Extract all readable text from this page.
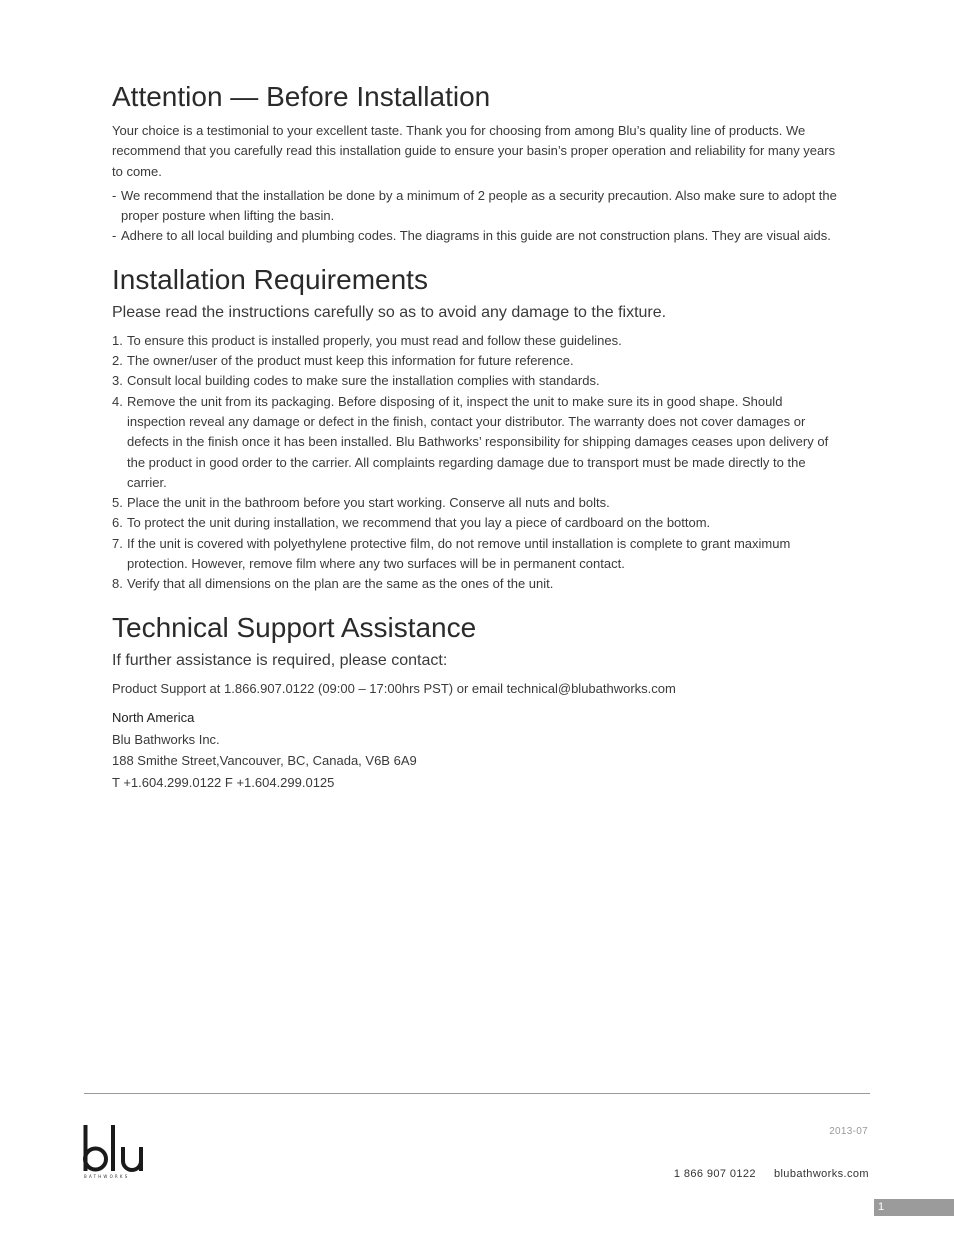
Attention — Before Installation

Your choice is a testimonial to your excellent taste. Thank you for choosing from among Blu’s quality line of products. We recommend that you carefully read this installation guide to ensure your basin’s proper operation and reliability for many years to come.

- We recommend that the installation be done by a minimum of 2 people as a security precaution. Also make sure to adopt the proper posture when lifting the basin.
- Adhere to all local building and plumbing codes. The diagrams in this guide are not construction plans. They are visual aids.
Installation Requirements
Please read the instructions carefully so as to avoid any damage to the fixture.
1. To ensure this product is installed properly, you must read and follow these guidelines.
2. The owner/user of the product must keep this information for future reference.
3. Consult local building codes to make sure the installation complies with standards.
4. Remove the unit from its packaging. Before disposing of it, inspect the unit to make sure its in good shape. Should inspection reveal any damage or defect in the finish, contact your distributor. The warranty does not cover damages or defects in the finish once it has been installed. Blu Bathworks’ responsibility for shipping damages ceases upon delivery of the product in good order to the carrier. All complaints regarding damage due to transport must be made directly to the carrier.
5. Place the unit in the bathroom before you start working. Conserve all nuts and bolts.
6. To protect the unit during installation, we recommend that you lay a piece of cardboard on the bottom.
7. If the unit is covered with polyethylene protective film, do not remove until installation is complete to grant maximum protection. However, remove film where any two surfaces will be in permanent contact.
8. Verify that all dimensions on the plan are the same as the ones of the unit.
Technical Support Assistance
If further assistance is required, please contact:

Product Support at 1.866.907.0122 (09:00 – 17:00hrs PST) or email technical@blubathworks.com

North America

Blu Bathworks Inc.

188 Smithe Street,Vancouver, BC, Canada, V6B 6A9

T +1.604.299.0122 F +1.604.299.0125

BATHWORKS
2013-07
1 866 907 0122 blubathworks.com
1
